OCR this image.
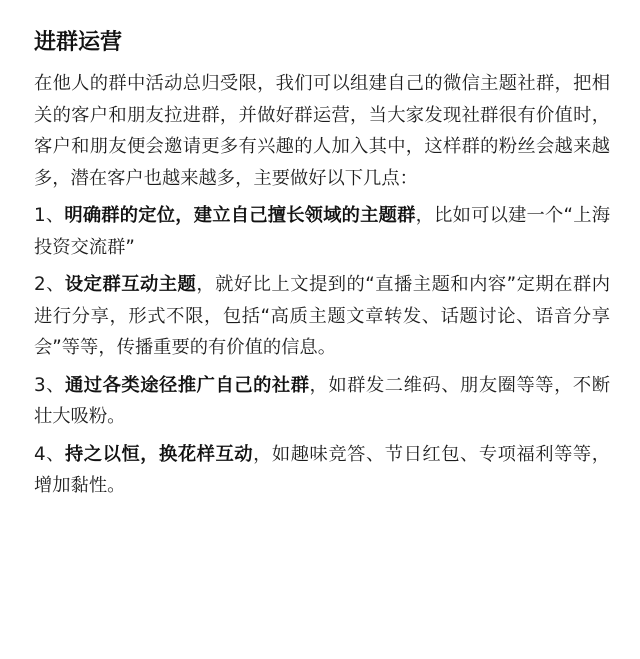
进群运营

在他人的群中活动总归受限，我们可以组建自己的微信主题社群，把相关的客户和朋友拉进群，并做好群运营，当大家发现社群很有价值时，客户和朋友便会邀请更多有兴趣的人加入其中，这样群的粉丝会越来越多，潜在客户也越来越多，主要做好以下几点：

1、明确群的定位，建立自己擅长领域的主题群，比如可以建一个“上海投资交流群”

2、设定群互动主题，就好比上文提到的“直播主题和内容”定期在群内进行分享，形式不限，包括“高质主题文章转发、话题讨论、语音分享会”等等，传播重要的有价值的信息。

3、通过各类途径推广自己的社群，如群发二维码、朋友圈等等，不断壮大吸粉。

4、持之以恒，换花样互动，如趣味竞答、节日红包、专项福利等等，增加黏性。
